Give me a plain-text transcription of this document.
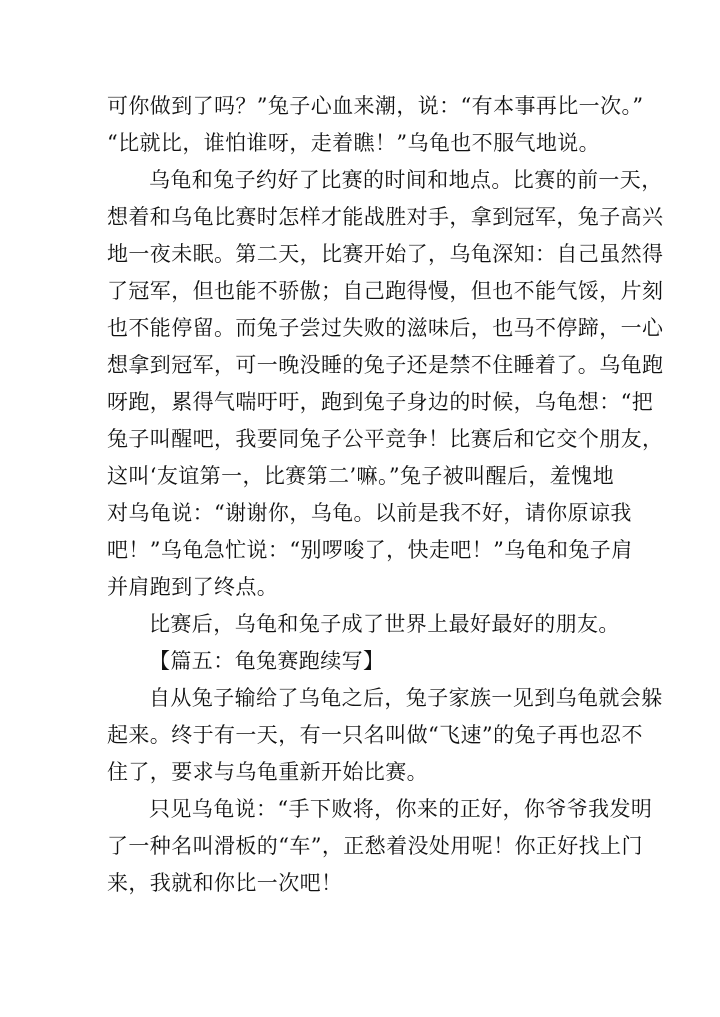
可你做到了吗？”兔子心血来潮，说：“有本事再比一次。”
“比就比，谁怕谁呀，走着瞧！”乌龟也不服气地说。
乌龟和兔子约好了比赛的时间和地点。比赛的前一天，
想着和乌龟比赛时怎样才能战胜对手，拿到冠军，兔子高兴
地一夜未眠。第二天，比赛开始了，乌龟深知：自己虽然得
了冠军，但也能不骄傲；自己跑得慢，但也不能气馁，片刻
也不能停留。而兔子尝过失败的滋味后，也马不停蹄，一心
想拿到冠军，可一晚没睡的兔子还是禁不住睡着了。乌龟跑
呀跑，累得气喘吁吁，跑到兔子身边的时候，乌龟想：“把
兔子叫醒吧，我要同兔子公平竞争！比赛后和它交个朋友，
这叫‘友谊第一，比赛第二’嘛。”兔子被叫醒后，羞愧地
对乌龟说：“谢谢你，乌龟。以前是我不好，请你原谅我
吧！”乌龟急忙说：“别啰唆了，快走吧！”乌龟和兔子肩
并肩跑到了终点。
比赛后，乌龟和兔子成了世界上最好最好的朋友。
【篇五：龟兔赛跑续写】
自从兔子输给了乌龟之后，兔子家族一见到乌龟就会躲
起来。终于有一天，有一只名叫做“飞速”的兔子再也忍不
住了，要求与乌龟重新开始比赛。
只见乌龟说：“手下败将，你来的正好，你爷爷我发明
了一种名叫滑板的“车”，正愁着没处用呢！你正好找上门
来，我就和你比一次吧！
